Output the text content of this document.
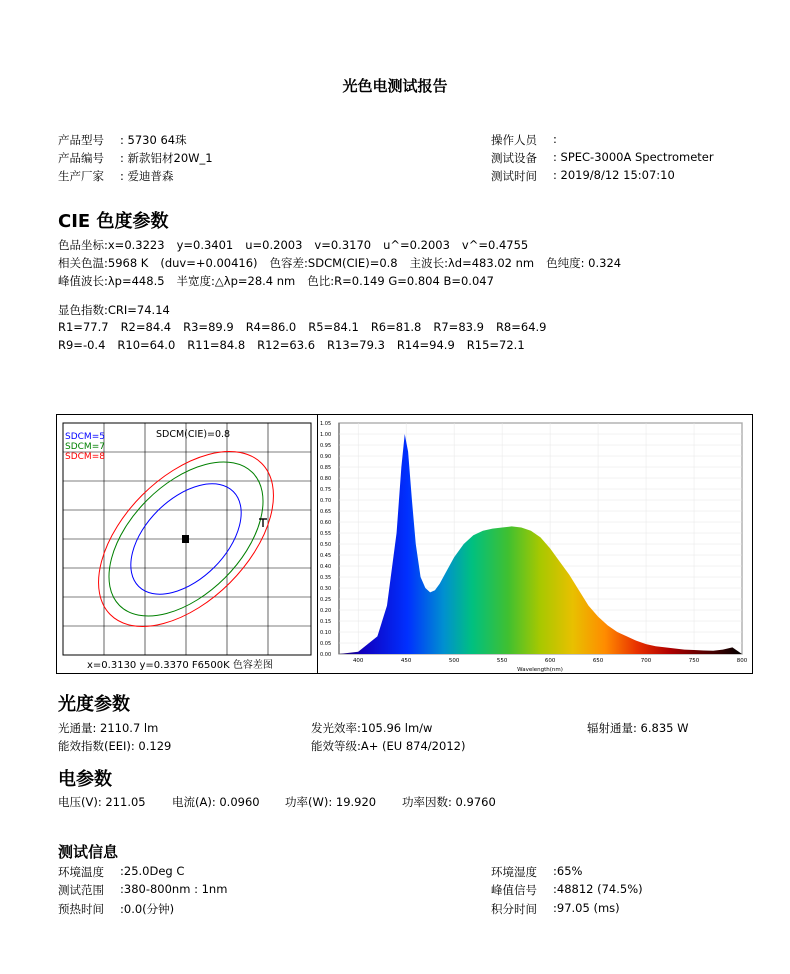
光色电测试报告
产品型号 : 5730 64珠
产品编号 : 新款铝材20W_1
生产厂家 : 爱迪普森
操作人员 :
测试设备 : SPEC-3000A Spectrometer
测试时间 : 2019/8/12 15:07:10
CIE 色度参数
色品坐标:x=0.3223 y=0.3401 u=0.2003 v=0.3170 u^=0.2003 v^=0.4755
相关色温:5968 K (duv=+0.00416) 色容差:SDCM(CIE)=0.8 主波长:λd=483.02 nm 色纯度: 0.324
峰值波长:λp=448.5 半宽度:△λp=28.4 nm 色比:R=0.149 G=0.804 B=0.047
显色指数:CRI=74.14
R1=77.7 R2=84.4 R3=89.9 R4=86.0 R5=84.1 R6=81.8 R7=83.9 R8=64.9
R9=-0.4 R10=64.0 R11=84.8 R12=63.6 R13=79.3 R14=94.9 R15=72.1
SDCM(CIE)=0.8
SDCM=5
SDCM=7
SDCM=8
x=0.3130 y=0.3370 F6500K 色容差图
1.05
1.00
0.95
0.90
0.85
0.80
0.75
0.70
0.65
0.60
0.55
0.50
0.45
0.40
0.35
0.30
0.25
0.20
0.15
0.10
0.05
0.00
400	450	500	550	600	650	700	750	800
Wavelength(nm)
光度参数
光通量: 2110.7 lm	发光效率:105.96 lm/w	辐射通量: 6.835 W
能效指数(EEI): 0.129	能效等级:A+ (EU 874/2012)
电参数
电压(V): 211.05 电流(A): 0.0960 功率(W): 19.920 功率因数: 0.9760
测试信息
环境温度 :25.0Deg C
测试范围 :380-800nm : 1nm
预热时间 :0.0(分钟)
环境湿度 :65%
峰值信号 :48812 (74.5%)
积分时间 :97.05 (ms)
